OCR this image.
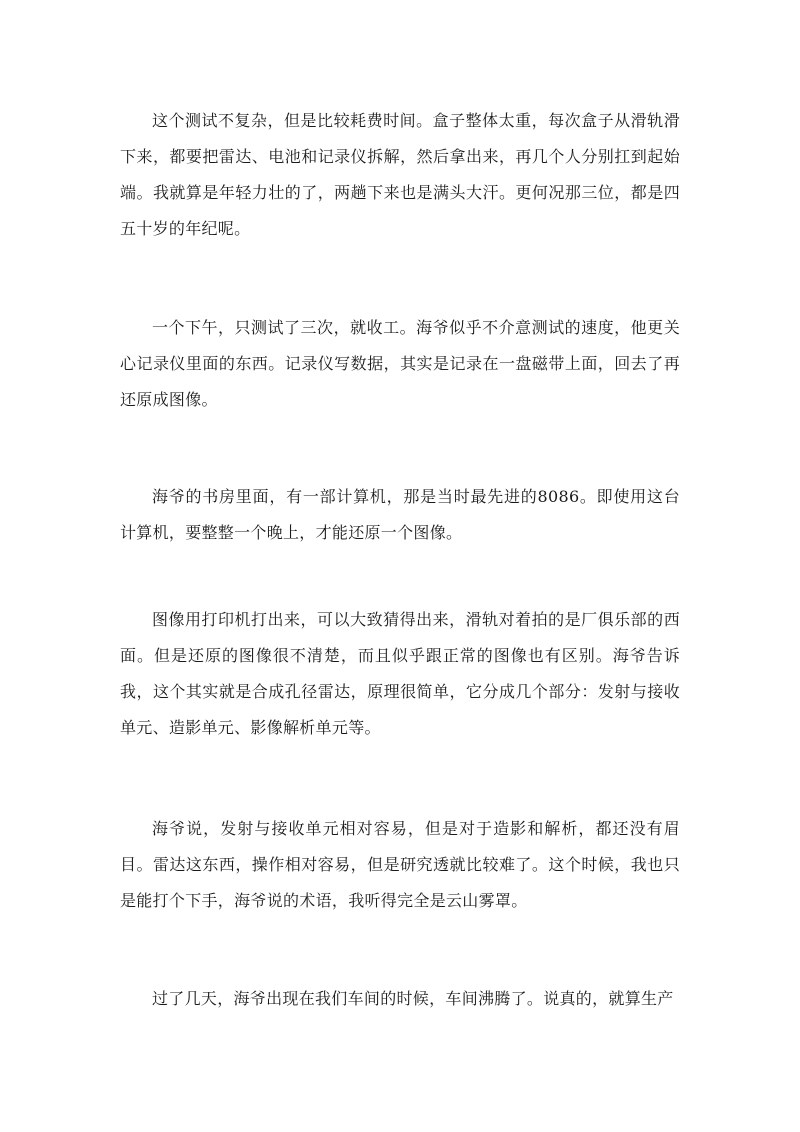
这个测试不复杂，但是比较耗费时间。盒子整体太重，每次盒子从滑轨滑下来，都要把雷达、电池和记录仪拆解，然后拿出来，再几个人分别扛到起始端。我就算是年轻力壮的了，两趟下来也是满头大汗。更何况那三位，都是四五十岁的年纪呢。

一个下午，只测试了三次，就收工。海爷似乎不介意测试的速度，他更关心记录仪里面的东西。记录仪写数据，其实是记录在一盘磁带上面，回去了再还原成图像。

海爷的书房里面，有一部计算机，那是当时最先进的8086。即使用这台计算机，要整整一个晚上，才能还原一个图像。

图像用打印机打出来，可以大致猜得出来，滑轨对着拍的是厂俱乐部的西面。但是还原的图像很不清楚，而且似乎跟正常的图像也有区别。海爷告诉我，这个其实就是合成孔径雷达，原理很简单，它分成几个部分：发射与接收单元、造影单元、影像解析单元等。

海爷说，发射与接收单元相对容易，但是对于造影和解析，都还没有眉目。雷达这东西，操作相对容易，但是研究透就比较难了。这个时候，我也只是能打个下手，海爷说的术语，我听得完全是云山雾罩。

过了几天，海爷出现在我们车间的时候，车间沸腾了。说真的，就算生产
